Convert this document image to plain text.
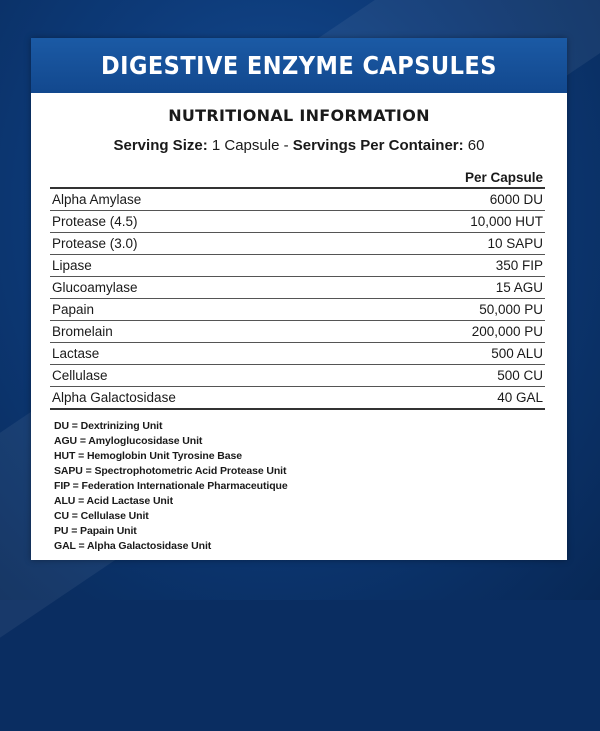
DIGESTIVE ENZYME CAPSULES
NUTRITIONAL INFORMATION
Serving Size: 1 Capsule - Servings Per Container: 60
Per Capsule
Alpha Amylase	6000 DU
Protease (4.5)	10,000 HUT
Protease (3.0)	10 SAPU
Lipase	350 FIP
Glucoamylase	15 AGU
Papain	50,000 PU
Bromelain	200,000 PU
Lactase	500 ALU
Cellulase	500 CU
Alpha Galactosidase	40 GAL
DU = Dextrinizing Unit
AGU = Amyloglucosidase Unit
HUT = Hemoglobin Unit Tyrosine Base
SAPU = Spectrophotometric Acid Protease Unit
FIP = Federation Internationale Pharmaceutique
ALU = Acid Lactase Unit
CU = Cellulase Unit
PU = Papain Unit
GAL = Alpha Galactosidase Unit
